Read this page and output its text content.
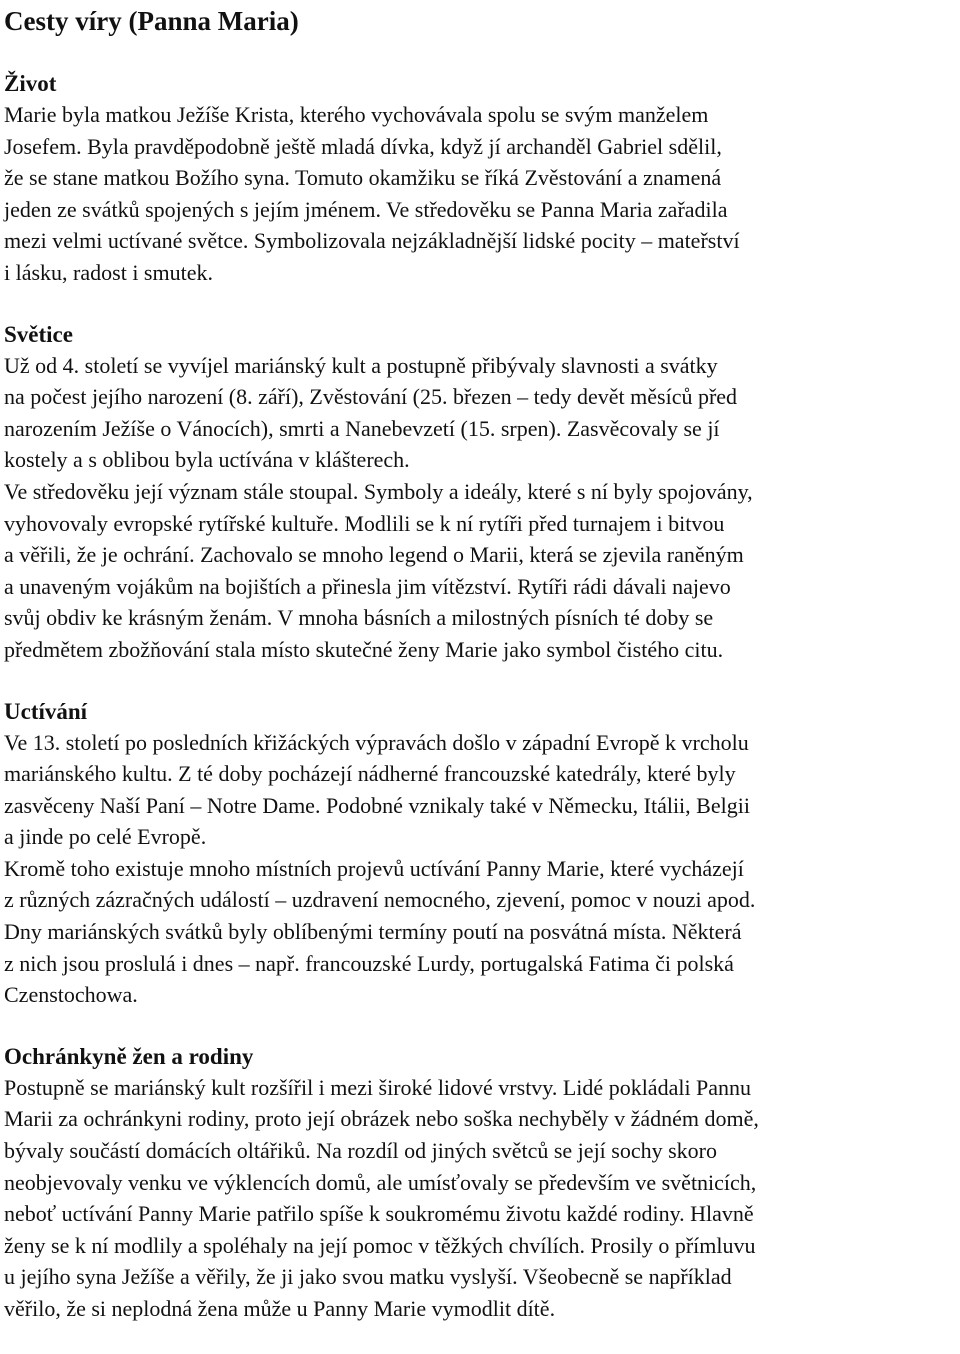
Cesty víry (Panna Maria)
Život

Marie byla matkou Ježíše Krista, kterého vychovávala spolu se svým manželem
Josefem. Byla pravděpodobně ještě mladá dívka, když jí archanděl Gabriel sdělil,
že se stane matkou Božího syna. Tomuto okamžiku se říká Zvěstování a znamená
jeden ze svátků spojených s jejím jménem. Ve středověku se Panna Maria zařadila
mezi velmi uctívané světce. Symbolizovala nejzákladnější lidské pocity – mateřství
i lásku, radost i smutek.

Světice

Už od 4. století se vyvíjel mariánský kult a postupně přibývaly slavnosti a svátky
na počest jejího narození (8. září), Zvěstování (25. březen – tedy devět měsíců před
narozením Ježíše o Vánocích), smrti a Nanebevzetí (15. srpen). Zasvěcovaly se jí
kostely a s oblibou byla uctívána v klášterech.

Ve středověku její význam stále stoupal. Symboly a ideály, které s ní byly spojovány,
vyhovovaly evropské rytířské kultuře. Modlili se k ní rytíři před turnajem i bitvou
a věřili, že je ochrání. Zachovalo se mnoho legend o Marii, která se zjevila raněným
a unaveným vojákům na bojištích a přinesla jim vítězství. Rytíři rádi dávali najevo
svůj obdiv ke krásným ženám. V mnoha básních a milostných písních té doby se
předmětem zbožňování stala místo skutečné ženy Marie jako symbol čistého citu.

Uctívání

Ve 13. století po posledních křižáckých výpravách došlo v západní Evropě k vrcholu
mariánského kultu. Z té doby pocházejí nádherné francouzské katedrály, které byly
zasvěceny Naší Paní – Notre Dame. Podobné vznikaly také v Německu, Itálii, Belgii
a jinde po celé Evropě.

Kromě toho existuje mnoho místních projevů uctívání Panny Marie, které vycházejí
z různých zázračných událostí – uzdravení nemocného, zjevení, pomoc v nouzi apod.
Dny mariánských svátků byly oblíbenými termíny poutí na posvátná místa. Některá
z nich jsou proslulá i dnes – např. francouzské Lurdy, portugalská Fatima či polská
Czenstochowa.

Ochránkyně žen a rodiny

Postupně se mariánský kult rozšířil i mezi široké lidové vrstvy. Lidé pokládali Pannu
Marii za ochránkyni rodiny, proto její obrázek nebo soška nechyběly v žádném domě,
bývaly součástí domácích oltářiků. Na rozdíl od jiných světců se její sochy skoro
neobjevovaly venku ve výklencích domů, ale umísťovaly se především ve světnicích,
neboť uctívání Panny Marie patřilo spíše k soukromému životu každé rodiny. Hlavně
ženy se k ní modlily a spoléhaly na její pomoc v těžkých chvílích. Prosily o přímluvu
u jejího syna Ježíše a věřily, že ji jako svou matku vyslyší. Všeobecně se například
věřilo, že si neplodná žena může u Panny Marie vymodlit dítě.
